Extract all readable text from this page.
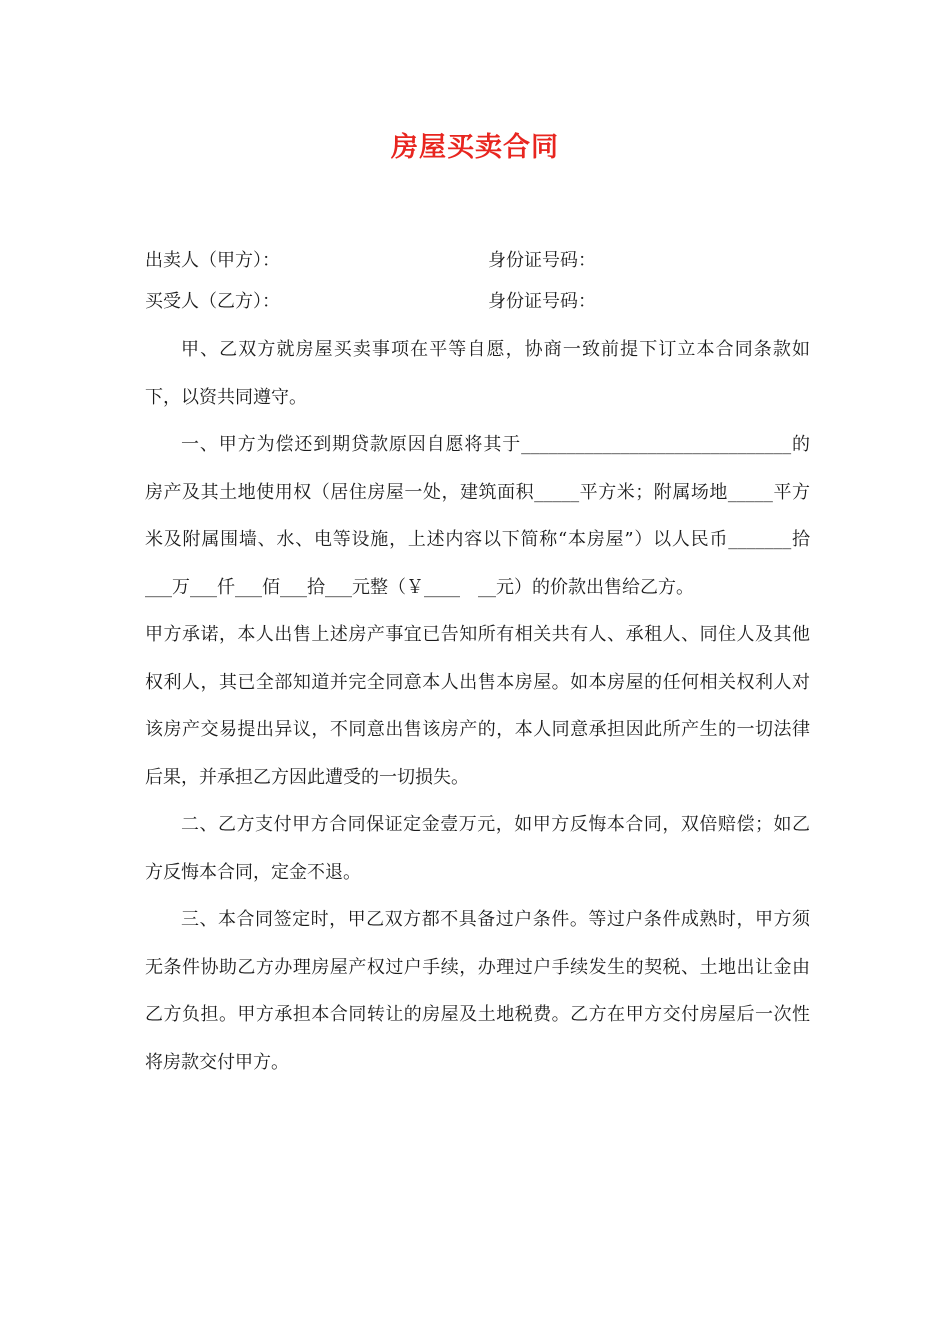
房屋买卖合同
出卖人（甲方）：	身份证号码：
买受人（乙方）：	身份证号码：

甲、乙双方就房屋买卖事项在平等自愿，协商一致前提下订立本合同条款如下，以资共同遵守。

一、甲方为偿还到期贷款原因自愿将其于______________________________的房产及其土地使用权（居住房屋一处，建筑面积_____平方米；附属场地_____平方米及附属围墙、水、电等设施，上述内容以下简称“本房屋”）以人民币_______拾___万___仟___佰___拾___元整（￥____　__元）的价款出售给乙方。

甲方承诺，本人出售上述房产事宜已告知所有相关共有人、承租人、同住人及其他权利人，其已全部知道并完全同意本人出售本房屋。如本房屋的任何相关权利人对该房产交易提出异议，不同意出售该房产的，本人同意承担因此所产生的一切法律后果，并承担乙方因此遭受的一切损失。

二、乙方支付甲方合同保证定金壹万元，如甲方反悔本合同，双倍赔偿；如乙方反悔本合同，定金不退。

三、本合同签定时，甲乙双方都不具备过户条件。等过户条件成熟时，甲方须无条件协助乙方办理房屋产权过户手续，办理过户手续发生的契税、土地出让金由乙方负担。甲方承担本合同转让的房屋及土地税费。乙方在甲方交付房屋后一次性将房款交付甲方。
